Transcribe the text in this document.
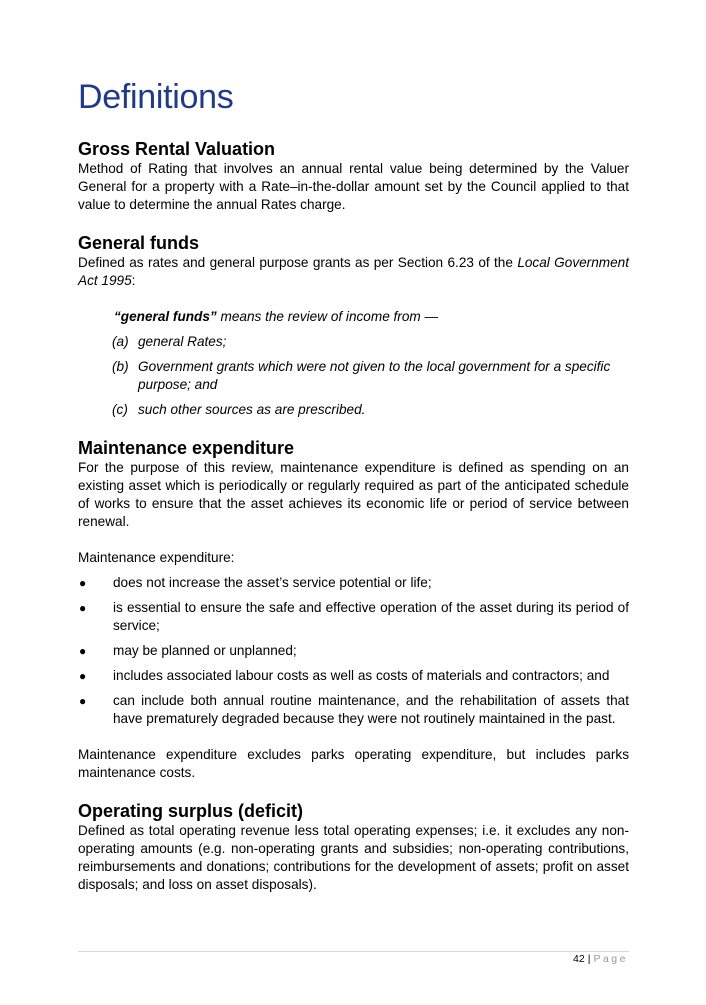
Definitions
Gross Rental Valuation

Method of Rating that involves an annual rental value being determined by the Valuer General for a property with a Rate–in-the-dollar amount set by the Council applied to that value to determine the annual Rates charge.

General funds

Defined as rates and general purpose grants as per Section 6.23 of the Local Government Act 1995:

“general funds” means the review of income from —
(a) general Rates;
(b) Government grants which were not given to the local government for a specific purpose; and
(c) such other sources as are prescribed.
Maintenance expenditure

For the purpose of this review, maintenance expenditure is defined as spending on an existing asset which is periodically or regularly required as part of the anticipated schedule of works to ensure that the asset achieves its economic life or period of service between renewal.

Maintenance expenditure:

●	does not increase the asset’s service potential or life;
●	is essential to ensure the safe and effective operation of the asset during its period of service;
●	may be planned or unplanned;
●	includes associated labour costs as well as costs of materials and contractors; and
●	can include both annual routine maintenance, and the rehabilitation of assets that have prematurely degraded because they were not routinely maintained in the past.

Maintenance expenditure excludes parks operating expenditure, but includes parks maintenance costs.

Operating surplus (deficit)

Defined as total operating revenue less total operating expenses; i.e. it excludes any non-operating amounts (e.g. non-operating grants and subsidies; non-operating contributions, reimbursements and donations; contributions for the development of assets; profit on asset disposals; and loss on asset disposals).

42 | Page
